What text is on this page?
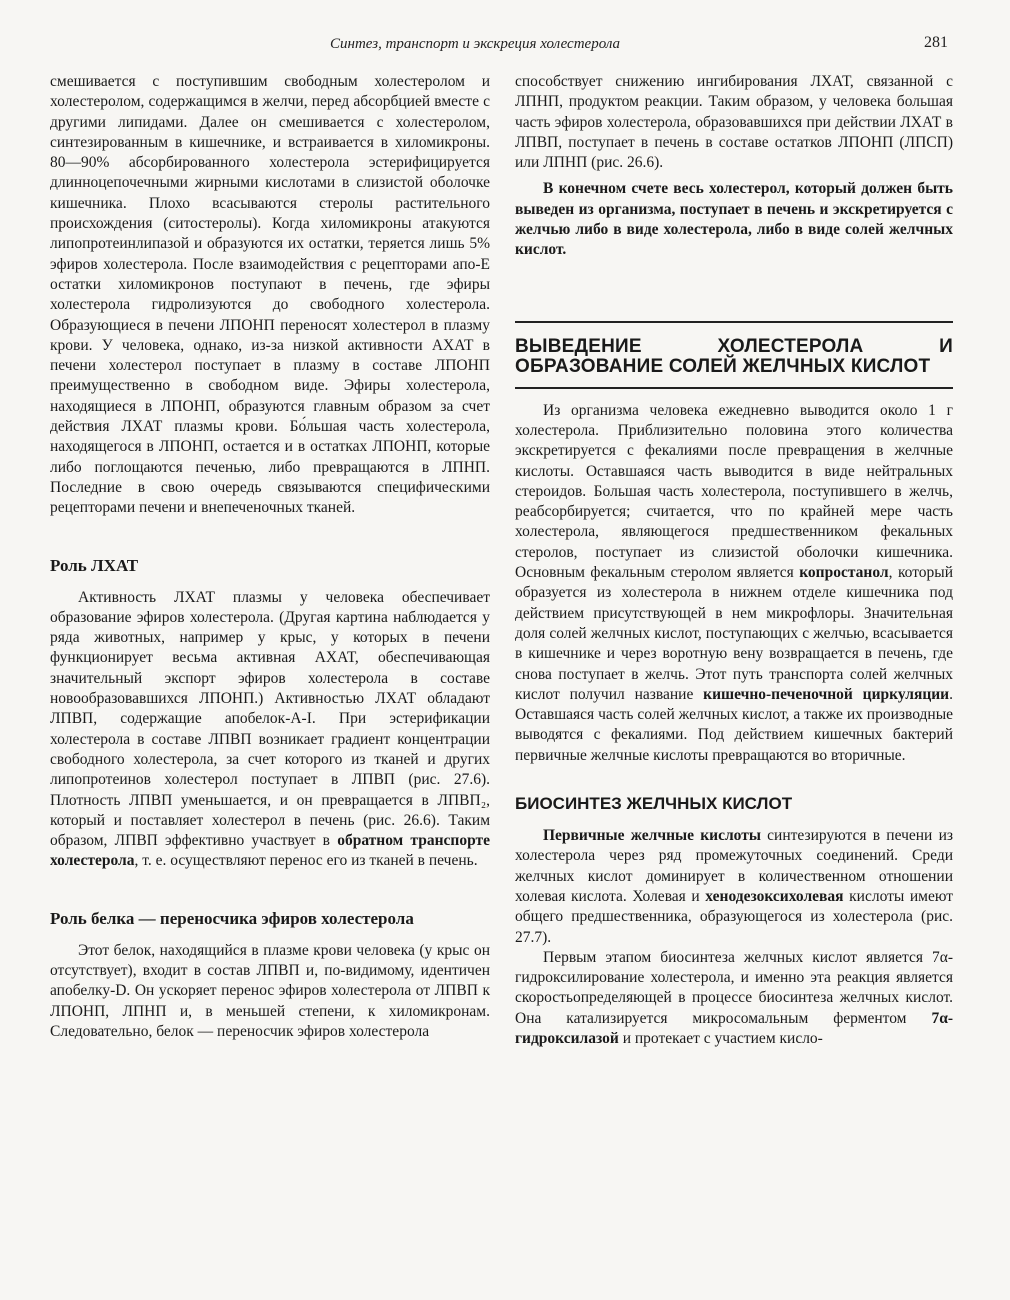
Синтез, транспорт и экскреция холестерола	281

смешивается с поступившим свободным холестеролом и холестеролом, содержащимся в желчи, перед абсорбцией вместе с другими липидами. Далее он смешивается с холестеролом, синтезированным в кишечнике, и встраивается в хиломикроны. 80—90% абсорбированного холестерола эстерифицируется длинноцепочечными жирными кислотами в слизистой оболочке кишечника. Плохо всасываются стеролы растительного происхождения (ситостеролы). Когда хиломикроны атакуются липопротеинлипазой и образуются их остатки, теряется лишь 5% эфиров холестерола. После взаимодействия с рецепторами апо-Е остатки хиломикронов поступают в печень, где эфиры холестерола гидролизуются до свободного холестерола. Образующиеся в печени ЛПОНП переносят холестерол в плазму крови. У человека, однако, из-за низкой активности АХАТ в печени холестерол поступает в плазму в составе ЛПОНП преимущественно в свободном виде. Эфиры холестерола, находящиеся в ЛПОНП, образуются главным образом за счет действия ЛХАТ плазмы крови. Бо́льшая часть холестерола, находящегося в ЛПОНП, остается и в остатках ЛПОНП, которые либо поглощаются печенью, либо превращаются в ЛПНП. Последние в свою очередь связываются специфическими рецепторами печени и внепеченочных тканей.

Роль ЛХАТ

Активность ЛХАТ плазмы у человека обеспечивает образование эфиров холестерола. (Другая картина наблюдается у ряда животных, например у крыс, у которых в печени функционирует весьма активная АХАТ, обеспечивающая значительный экспорт эфиров холестерола в составе новообразовавшихся ЛПОНП.) Активностью ЛХАТ обладают ЛПВП, содержащие апобелок-А-I. При эстерификации холестерола в составе ЛПВП возникает градиент концентрации свободного холестерола, за счет которого из тканей и других липопротеинов холестерол поступает в ЛПВП (рис. 27.6). Плотность ЛПВП уменьшается, и он превращается в ЛПВП₂, который и поставляет холестерол в печень (рис. 26.6). Таким образом, ЛПВП эффективно участвует в обратном транспорте холестерола, т. е. осуществляют перенос его из тканей в печень.

Роль белка — переносчика эфиров холестерола

Этот белок, находящийся в плазме крови человека (у крыс он отсутствует), входит в состав ЛПВП и, по-видимому, идентичен апобелку-D. Он ускоряет перенос эфиров холестерола от ЛПВП к ЛПОНП, ЛПНП и, в меньшей степени, к хиломикронам. Следовательно, белок — переносчик эфиров холестерола

способствует снижению ингибирования ЛХАТ, связанной с ЛПНП, продуктом реакции. Таким образом, у человека большая часть эфиров холестерола, образовавшихся при действии ЛХАТ в ЛПВП, поступает в печень в составе остатков ЛПОНП (ЛПСП) или ЛПНП (рис. 26.6).

В конечном счете весь холестерол, который должен быть выведен из организма, поступает в печень и экскретируется с желчью либо в виде холестерола, либо в виде солей желчных кислот.

ВЫВЕДЕНИЕ ХОЛЕСТЕРОЛА И ОБРАЗОВАНИЕ СОЛЕЙ ЖЕЛЧНЫХ КИСЛОТ

Из организма человека ежедневно выводится около 1 г холестерола. Приблизительно половина этого количества экскретируется с фекалиями после превращения в желчные кислоты. Оставшаяся часть выводится в виде нейтральных стероидов. Большая часть холестерола, поступившего в желчь, реабсорбируется; считается, что по крайней мере часть холестерола, являющегося предшественником фекальных стеролов, поступает из слизистой оболочки кишечника. Основным фекальным стеролом является копростанол, который образуется из холестерола в нижнем отделе кишечника под действием присутствующей в нем микрофлоры. Значительная доля солей желчных кислот, поступающих с желчью, всасывается в кишечнике и через воротную вену возвращается в печень, где снова поступает в желчь. Этот путь транспорта солей желчных кислот получил название кишечно-печеночной циркуляции. Оставшаяся часть солей желчных кислот, а также их производные выводятся с фекалиями. Под действием кишечных бактерий первичные желчные кислоты превращаются во вторичные.

БИОСИНТЕЗ ЖЕЛЧНЫХ КИСЛОТ

Первичные желчные кислоты синтезируются в печени из холестерола через ряд промежуточных соединений. Среди желчных кислот доминирует в количественном отношении холевая кислота. Холевая и хенодезоксихолевая кислоты имеют общего предшественника, образующегося из холестерола (рис. 27.7).

Первым этапом биосинтеза желчных кислот является 7α-гидроксилирование холестерола, и именно эта реакция является скоростьопределяющей в процессе биосинтеза желчных кислот. Она катализируется микросомальным ферментом 7α-гидроксилазой и протекает с участием кисло-
